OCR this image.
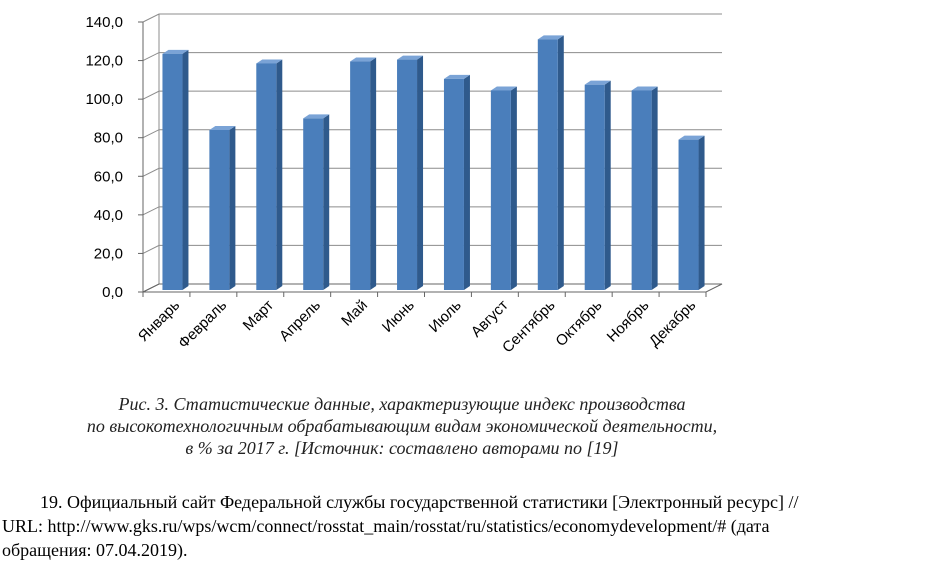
0,0
20,0
40,0
60,0
80,0
100,0
120,0
140,0
Январь
Февраль Март
Апрель Май Июнь Июль Август
Сентябрь
Октябрь
Ноябрь
Декабрь
Рис. 3. Статистические данные, характеризующие индекс производства
по высокотехнологичным обрабатывающим видам экономической деятельности,
в % за 2017 г. [Источник: составлено авторами по [19]
19. Официальный сайт Федеральной службы государственной статистики [Электронный ресурс] //
URL: http://www.gks.ru/wps/wcm/connect/rosstat_main/rosstat/ru/statistics/economydevelopment/# (дата
обращения: 07.04.2019).
